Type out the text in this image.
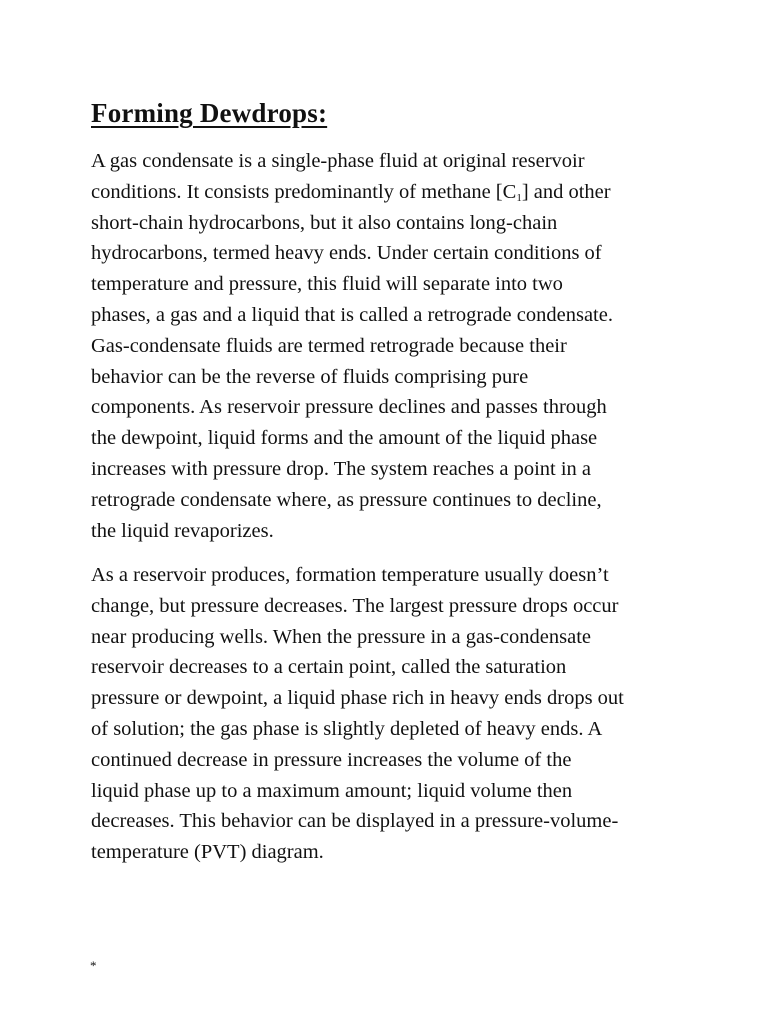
Forming Dewdrops:

A gas condensate is a single-phase fluid at original reservoir
conditions. It consists predominantly of methane $[C_1]$ and other
short-chain hydrocarbons, but it also contains long-chain
hydrocarbons, termed heavy ends. Under certain conditions of
temperature and pressure, this fluid will separate into two
phases, a gas and a liquid that is called a retrograde condensate.
Gas-condensate fluids are termed retrograde because their
behavior can be the reverse of fluids comprising pure
components. As reservoir pressure declines and passes through
the dewpoint, liquid forms and the amount of the liquid phase
increases with pressure drop. The system reaches a point in a
retrograde condensate where, as pressure continues to decline,
the liquid revaporizes.

As a reservoir produces, formation temperature usually doesn’t
change, but pressure decreases. The largest pressure drops occur
near producing wells. When the pressure in a gas-condensate
reservoir decreases to a certain point, called the saturation
pressure or dewpoint, a liquid phase rich in heavy ends drops out
of solution; the gas phase is slightly depleted of heavy ends. A
continued decrease in pressure increases the volume of the
liquid phase up to a maximum amount; liquid volume then
decreases. This behavior can be displayed in a pressure-volume-
temperature (PVT) diagram.

*
